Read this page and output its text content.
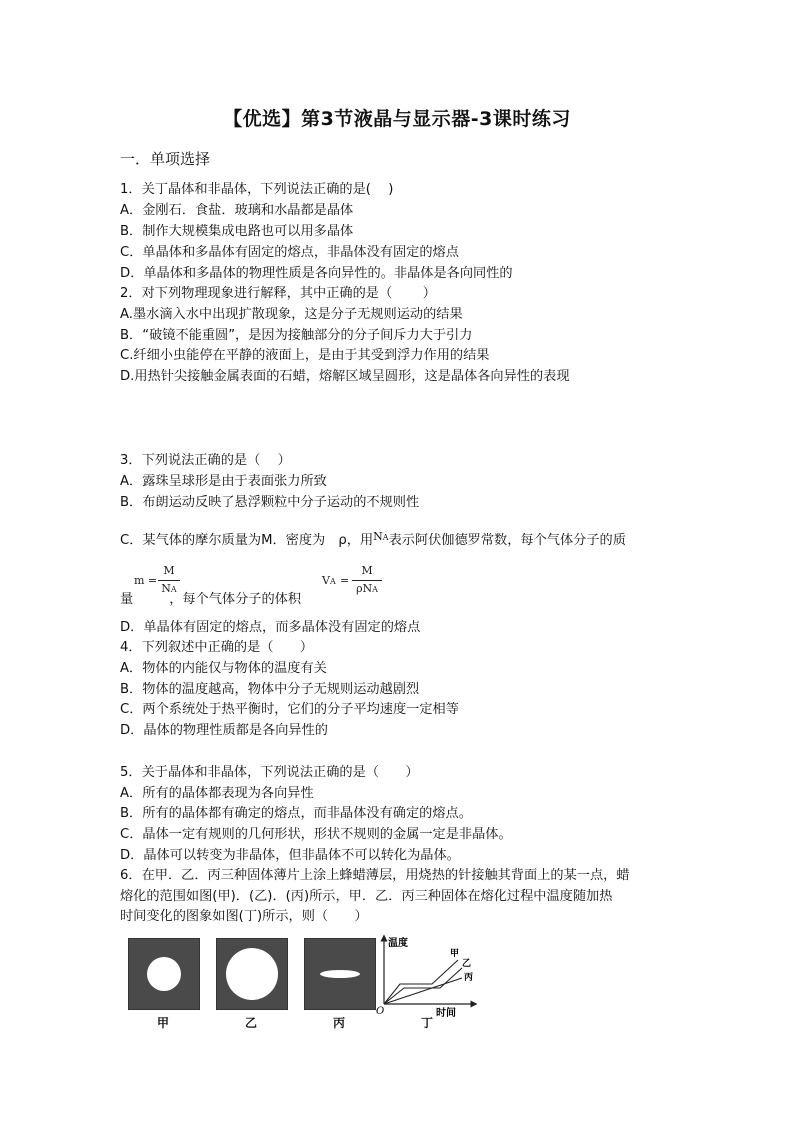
【优选】第3节液晶与显示器-3课时练习
一．单项选择
1．关丁晶体和非晶体，下列说法正确的是(　 )
A．金刚石．食盐．玻璃和水晶都是晶体
B．制作大规模集成电路也可以用多晶体
C．单晶体和多晶体有固定的熔点，非晶体没有固定的熔点
D．单晶体和多晶体的物理性质是各向异性的。非晶体是各向同性的
2．对下列物理现象进行解释，其中正确的是（　 　）
A.墨水滴入水中出现扩散现象，这是分子无规则运动的结果
B．“破镜不能重圆”，是因为接触部分的分子间斥力大于引力
C.纤细小虫能停在平静的液面上，是由于其受到浮力作用的结果
D.用热针尖接触金属表面的石蜡，熔解区域呈圆形，这是晶体各向异性的表现
3．下列说法正确的是（　 ）
A．露珠呈球形是由于表面张力所致
B．布朗运动反映了悬浮颗粒中分子运动的不规则性
C．某气体的摩尔质量为M．密度为　ρ，用$^{NA}$表示阿伏伽德罗常数，每个气体分子的质
量	，每个气体分子的体积
m =
M
NA
VA =
M
ρNA
D．单晶体有固定的熔点，而多晶体没有固定的熔点
4．下列叙述中正确的是（　　）
A．物体的内能仅与物体的温度有关
B．物体的温度越高，物体中分子无规则运动越剧烈
C．两个系统处于热平衡时，它们的分子平均速度一定相等
D．晶体的物理性质都是各向异性的
5．关于晶体和非晶体，下列说法正确的是（　　）
A．所有的晶体都表现为各向异性
B．所有的晶体都有确定的熔点，而非晶体没有确定的熔点。
C．晶体一定有规则的几何形状，形状不规则的金属一定是非晶体。
D．晶体可以转变为非晶体，但非晶体不可以转化为晶体。
6．在甲．乙．丙三种固体薄片上涂上蜂蜡薄层，用烧热的针接触其背面上的某一点，蜡
熔化的范围如图(甲)．(乙)．(丙)所示，甲．乙．丙三种固体在熔化过程中温度随加热
时间变化的图象如图(丁)所示，则（　　）
甲	乙	丙
温度
时间
O
甲
乙
丙
丁
